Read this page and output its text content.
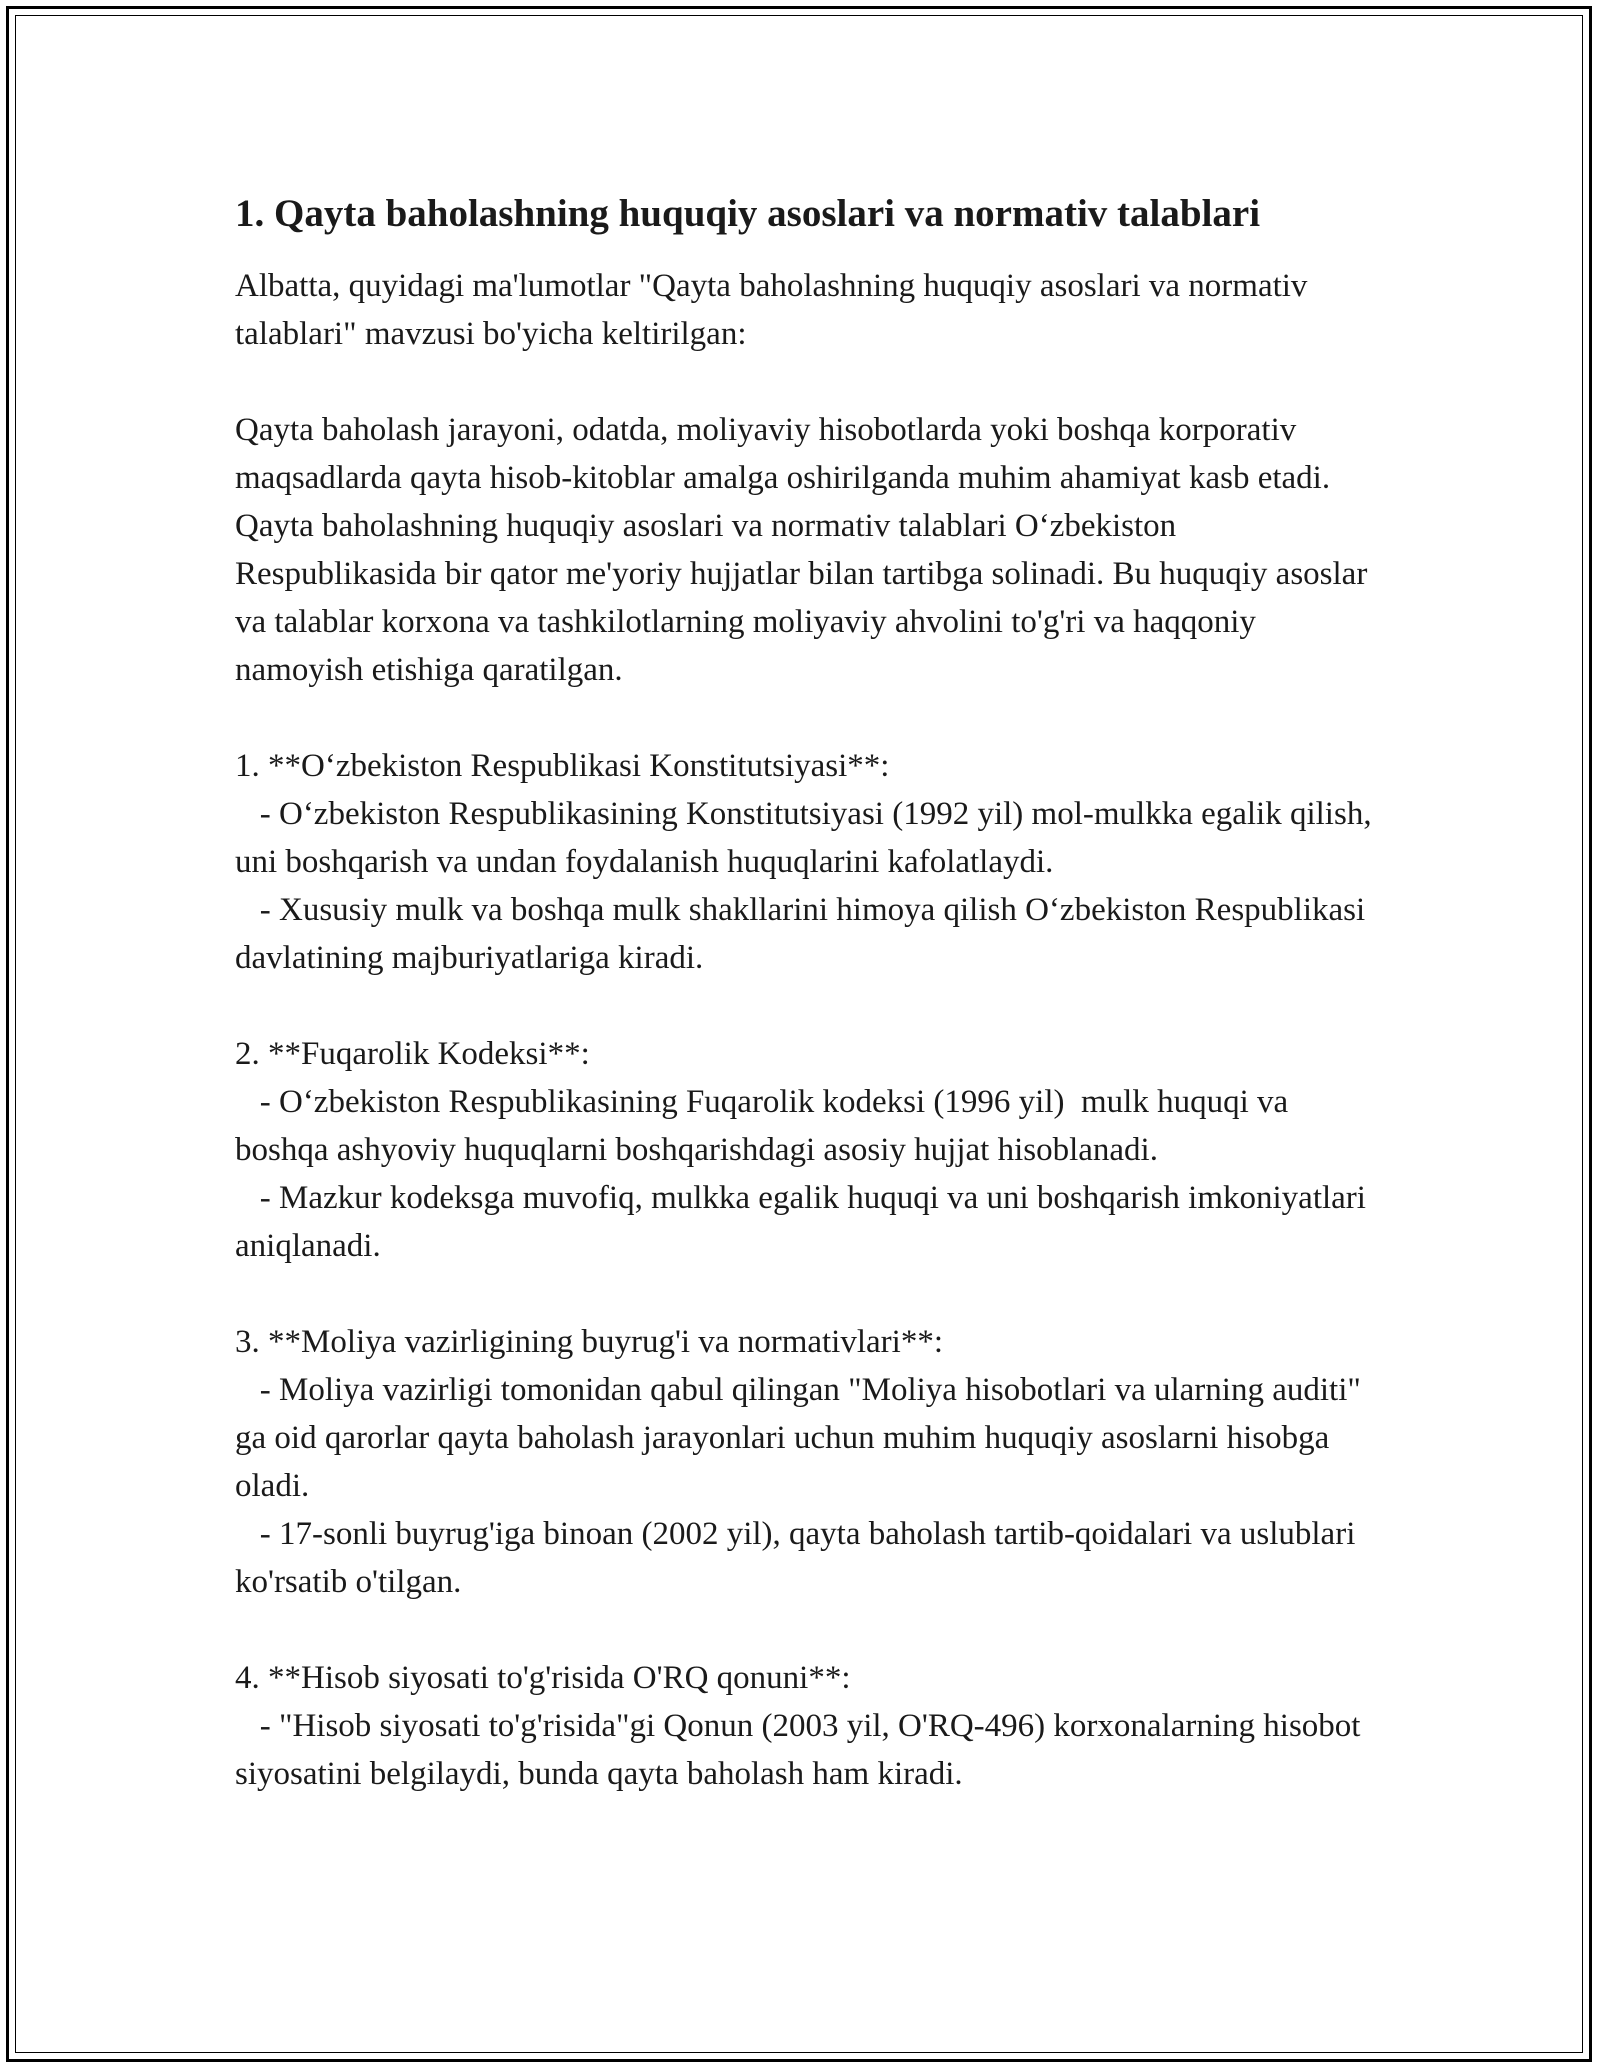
1. Qayta baholashning huquqiy asoslari va normativ talablari

Albatta, quyidagi ma'lumotlar "Qayta baholashning huquqiy asoslari va normativ talablari" mavzusi bo'yicha keltirilgan:

Qayta baholash jarayoni, odatda, moliyaviy hisobotlarda yoki boshqa korporativ maqsadlarda qayta hisob-kitoblar amalga oshirilganda muhim ahamiyat kasb etadi. Qayta baholashning huquqiy asoslari va normativ talablari O‘zbekiston Respublikasida bir qator me'yoriy hujjatlar bilan tartibga solinadi. Bu huquqiy asoslar va talablar korxona va tashkilotlarning moliyaviy ahvolini to'g'ri va haqqoniy namoyish etishiga qaratilgan.

1. **O‘zbekiston Respublikasi Konstitutsiyasi**:

- O‘zbekiston Respublikasining Konstitutsiyasi (1992 yil) mol-mulkka egalik qilish, uni boshqarish va undan foydalanish huquqlarini kafolatlaydi.

- Xususiy mulk va boshqa mulk shakllarini himoya qilish O‘zbekiston Respublikasi davlatining majburiyatlariga kiradi.

2. **Fuqarolik Kodeksi**:

- O‘zbekiston Respublikasining Fuqarolik kodeksi (1996 yil)  mulk huquqi va boshqa ashyoviy huquqlarni boshqarishdagi asosiy hujjat hisoblanadi.

- Mazkur kodeksga muvofiq, mulkka egalik huquqi va uni boshqarish imkoniyatlari aniqlanadi.

3. **Moliya vazirligining buyrug'i va normativlari**:

- Moliya vazirligi tomonidan qabul qilingan "Moliya hisobotlari va ularning auditi" ga oid qarorlar qayta baholash jarayonlari uchun muhim huquqiy asoslarni hisobga oladi.

- 17-sonli buyrug'iga binoan (2002 yil), qayta baholash tartib-qoidalari va uslublari ko'rsatib o'tilgan.

4. **Hisob siyosati to'g'risida O'RQ qonuni**:

- "Hisob siyosati to'g'risida"gi Qonun (2003 yil, O'RQ-496) korxonalarning hisobot siyosatini belgilaydi, bunda qayta baholash ham kiradi.
